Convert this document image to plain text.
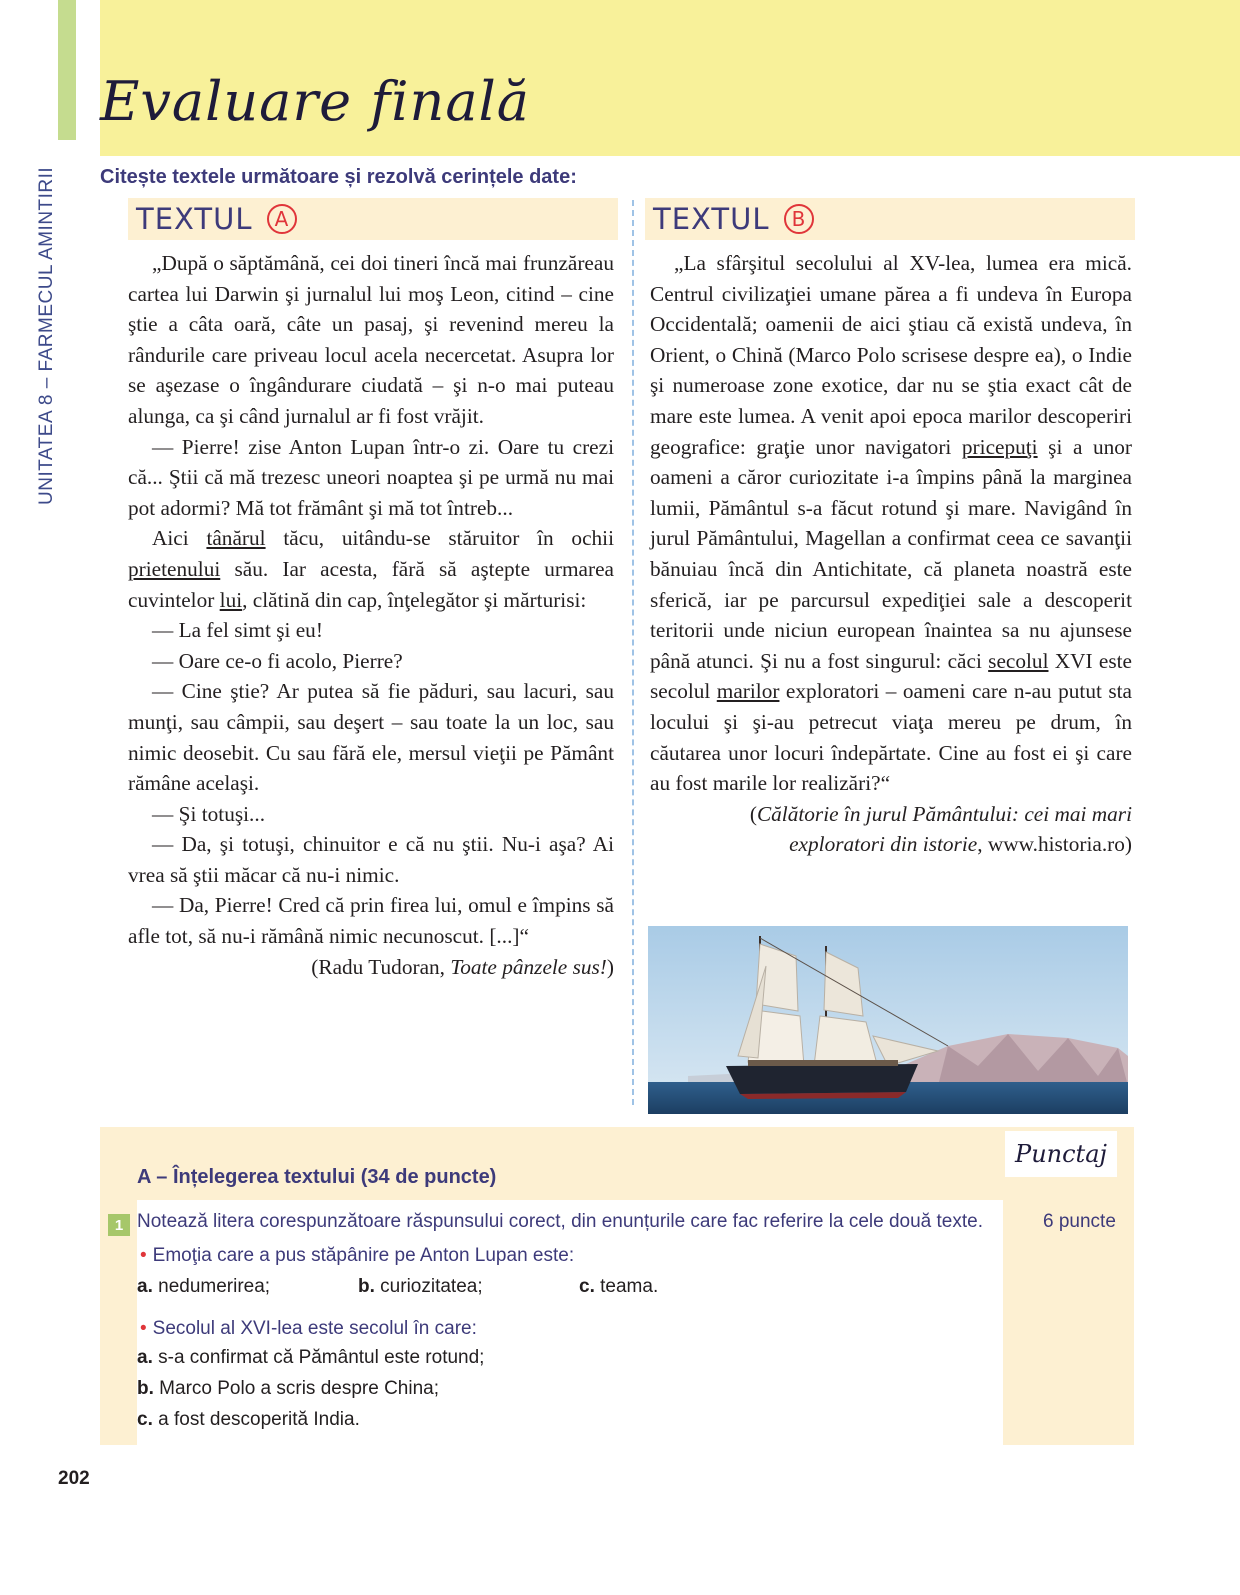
UNITATEA 8 – FARMECUL AMINTIRII
Evaluare finală
Citește textele următoare și rezolvă cerințele date:
TEXTUL	A	TEXTUL	B

„După o săptămână, cei doi tineri încă mai frunzăreau cartea lui Darwin şi jurnalul lui moş Leon, citind – cine ştie a câta oară, câte un pasaj, şi revenind mereu la rândurile care priveau locul acela necercetat. Asupra lor se aşezase o îngândurare ciudată – şi n-o mai puteau alunga, ca şi când jurnalul ar fi fost vrăjit.

— Pierre! zise Anton Lupan într-o zi. Oare tu crezi că... Ştii că mă trezesc uneori noaptea şi pe urmă nu mai pot adormi? Mă tot frământ şi mă tot întreb...

Aici tânărul tăcu, uitându-se stăruitor în ochii prietenului său. Iar acesta, fără să aştepte urmarea cuvintelor lui, clătină din cap, înţelegător şi mărturisi:

— La fel simt şi eu!

— Oare ce-o fi acolo, Pierre?

— Cine ştie? Ar putea să fie păduri, sau lacuri, sau munţi, sau câmpii, sau deşert – sau toate la un loc, sau nimic deosebit. Cu sau fără ele, mersul vieţii pe Pământ rămâne acelaşi.

— Şi totuşi...

— Da, şi totuşi, chinuitor e că nu ştii. Nu-i aşa? Ai vrea să ştii măcar că nu-i nimic.

— Da, Pierre! Cred că prin firea lui, omul e împins să afle tot, să nu-i rămână nimic necunoscut. [...]“

(Radu Tudoran, Toate pânzele sus!)

„La sfârşitul secolului al XV-lea, lumea era mică. Centrul civilizaţiei umane părea a fi undeva în Europa Occidentală; oamenii de aici ştiau că există undeva, în Orient, o Chină (Marco Polo scrisese despre ea), o Indie şi numeroase zone exotice, dar nu se ştia exact cât de mare este lumea. A venit apoi epoca marilor descoperiri geografice: graţie unor navigatori pricepuţi şi a unor oameni a căror curiozitate i-a împins până la marginea lumii, Pământul s-a făcut rotund şi mare. Navigând în jurul Pământului, Magellan a confirmat ceea ce savanţii bănuiau încă din Antichitate, că planeta noastră este sferică, iar pe parcursul expediţiei sale a descoperit teritorii unde niciun european înaintea sa nu ajunsese până atunci. Şi nu a fost singurul: căci secolul XVI este secolul marilor exploratori – oameni care n-au putut sta locului şi şi-au petrecut viaţa mereu pe drum, în căutarea unor locuri îndepărtate. Cine au fost ei şi care au fost marile lor realizări?“

(Călătorie în jurul Pământului: cei mai mari exploratori din istorie, www.historia.ro)

Punctaj
A – Înțelegerea textului (34 de puncte)
1 Notează litera corespunzătoare răspunsului corect, din enunțurile care fac referire la cele două texte.	6 puncte
• Emoţia care a pus stăpânire pe Anton Lupan este:
a. nedumerirea;	b. curiozitatea;	c. teama.
• Secolul al XVI-lea este secolul în care:
a. s-a confirmat că Pământul este rotund;
b. Marco Polo a scris despre China;
c. a fost descoperită India.
202
